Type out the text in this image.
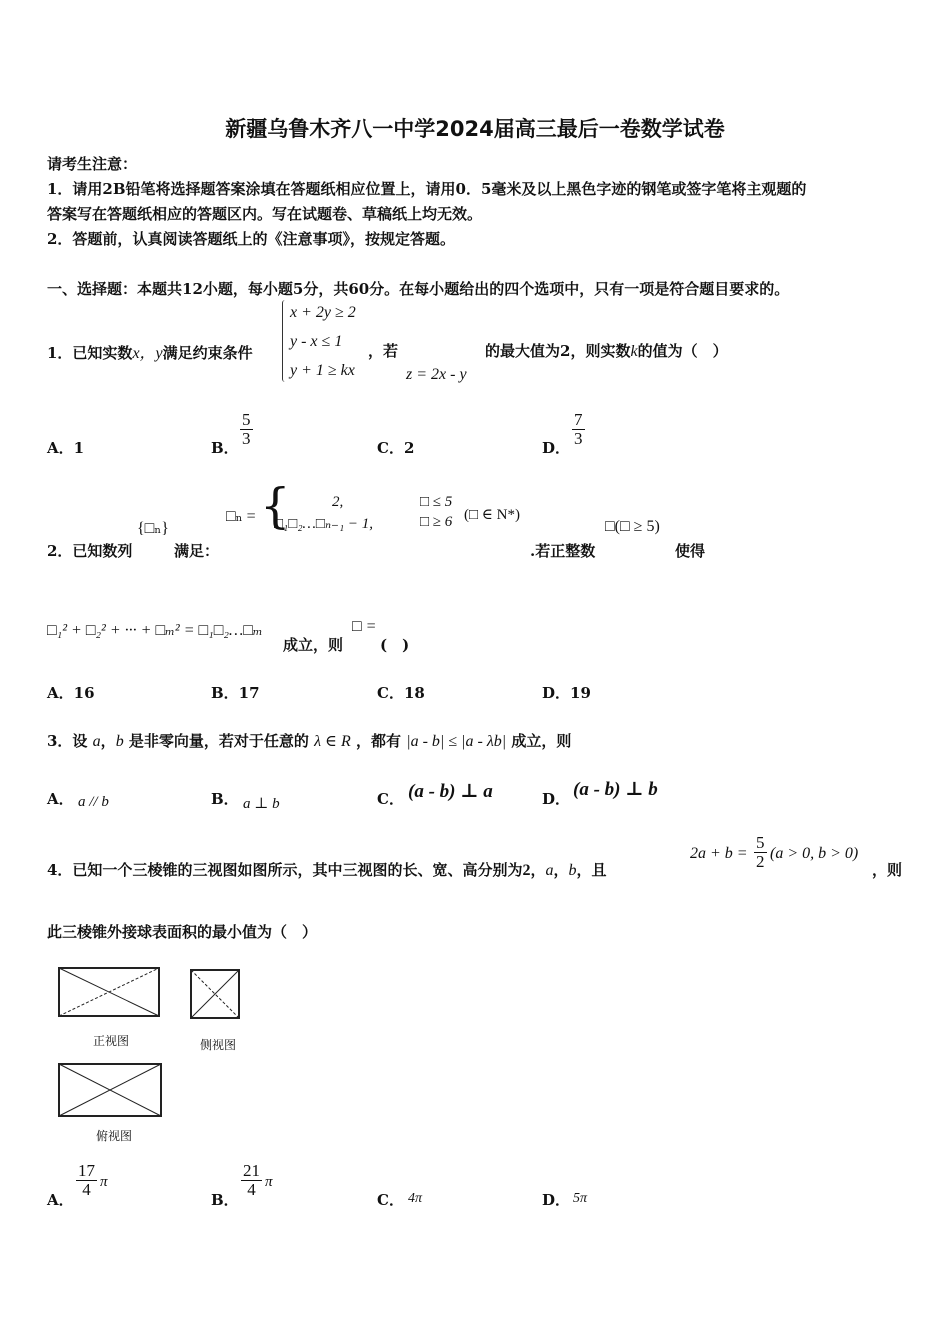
新疆乌鲁木齐八一中学2024届高三最后一卷数学试卷
请考生注意：
1．请用2B铅笔将选择题答案涂填在答题纸相应位置上，请用0．5毫米及以上黑色字迹的钢笔或签字笔将主观题的
答案写在答题纸相应的答题区内。写在试题卷、草稿纸上均无效。
2．答题前，认真阅读答题纸上的《注意事项》，按规定答题。
一、选择题：本题共12小题，每小题5分，共60分。在每小题给出的四个选项中，只有一项是符合题目要求的。
1．已知实数x，y满足约束条件
x + 2y ≥ 2
y - x ≤ 1
y + 1 ≥ kx
，若
z = 2x - y
的最大值为2，则实数k的值为（　）
A．1	B． $\frac{5}{3}$	C．2	D． $\frac{7}{3}$
2．已知数列
{□ₙ}
满足：
□ₙ = {	2,
□₁□₂…□ₙ₋₁ − 1,
□ ≤ 5
□ ≥ 6 (□ ∈ N*)
.若正整数
□(□ ≥ 5)
使得
□₁² + □₂² + ··· + □ₘ² = □₁□₂…□ₘ
成立，则
□ =
(　)
A．16	B．17	C．18	D．19
3．设 a，b 是非零向量，若对于任意的 λ ∈ R ，都有 |a - b| ≤ |a - λb| 成立，则
A． a // b	B． a ⊥ b	C． (a - b) ⊥ a	D． (a - b) ⊥ b
4．已知一个三棱锥的三视图如图所示，其中三视图的长、宽、高分别为2，a，b，且
$2a + b = \frac{5}{2} (a > 0$, b > 0)
，则
此三棱锥外接球表面积的最小值为（　）
正视图	侧视图
俯视图
A．
$\frac{17}{4}$ π
B．
$\frac{21}{4}$ π
C． 4π	D． 5π
